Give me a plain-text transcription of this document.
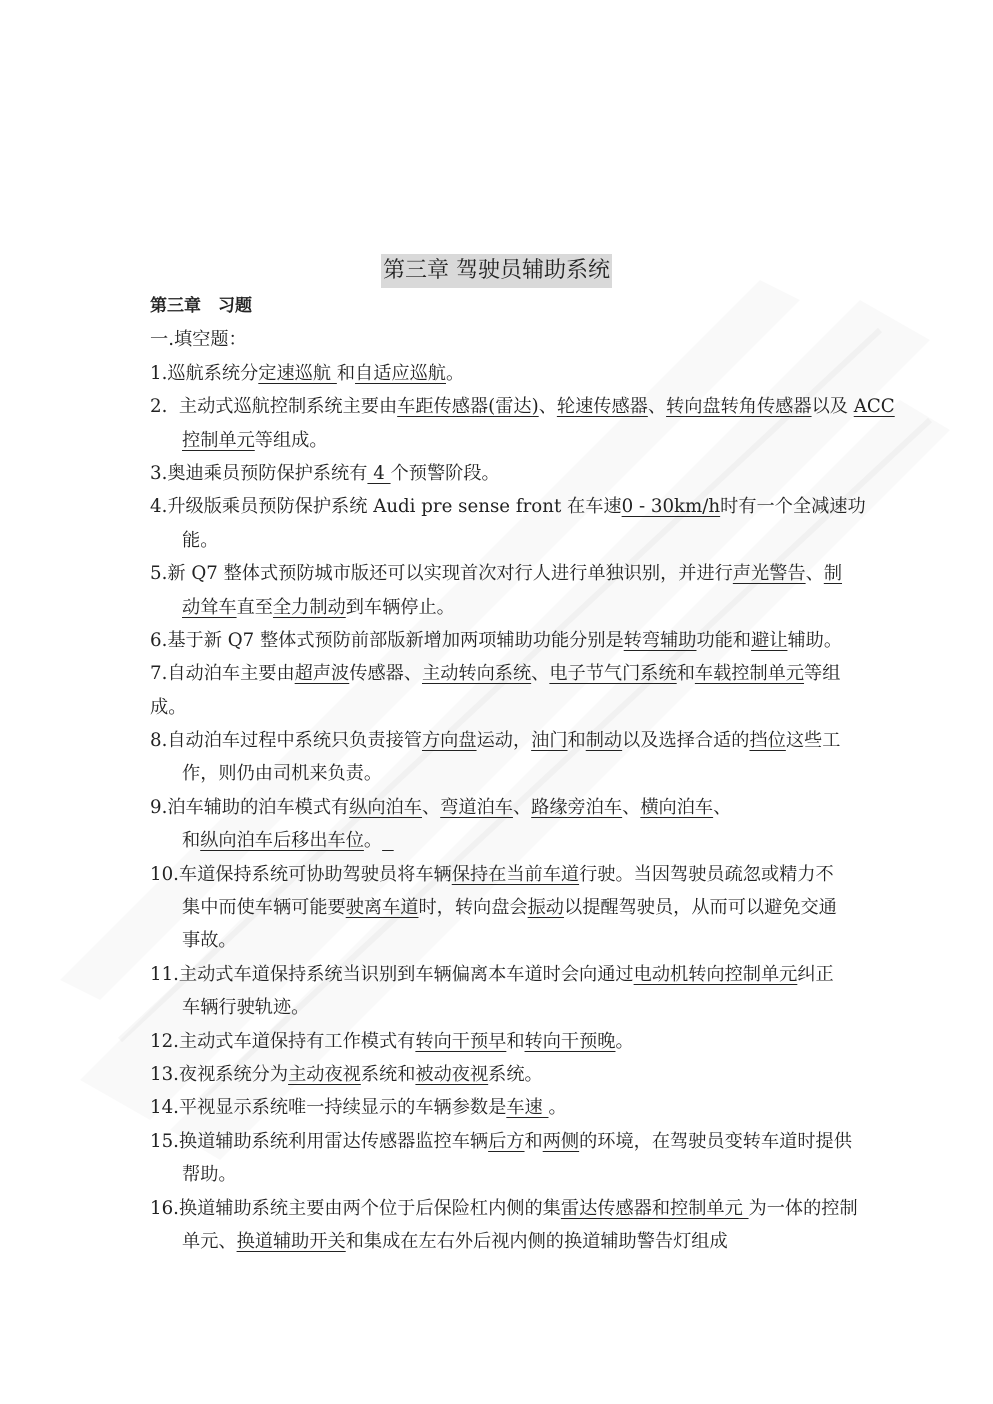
第三章 驾驶员辅助系统
第三章　习题
一.填空题：
1.巡航系统分定速巡航 和自适应巡航。
2.  主动式巡航控制系统主要由车距传感器(雷达)、轮速传感器、转向盘转角传感器以及 ACC
控制单元等组成。
3.奥迪乘员预防保护系统有 4 个预警阶段。
4.升级版乘员预防保护系统 Audi pre sense front 在车速0 - 30km/h时有一个全减速功
能。
5.新 Q7 整体式预防城市版还可以实现首次对行人进行单独识别，并进行声光警告、制
动耸车直至全力制动到车辆停止。
6.基于新 Q7 整体式预防前部版新增加两项辅助功能分别是转弯辅助功能和避让辅助。
7.自动泊车主要由超声波传感器、主动转向系统、电子节气门系统和车载控制单元等组
成。
8.自动泊车过程中系统只负责接管方向盘运动，油门和制动以及选择合适的挡位这些工
作，则仍由司机来负责。
9.泊车辅助的泊车模式有纵向泊车、弯道泊车、路缘旁泊车、横向泊车、
和纵向泊车后移出车位。
10.车道保持系统可协助驾驶员将车辆保持在当前车道行驶。当因驾驶员疏忽或精力不
集中而使车辆可能要驶离车道时，转向盘会振动以提醒驾驶员，从而可以避免交通
事故。
11.主动式车道保持系统当识别到车辆偏离本车道时会向通过电动机转向控制单元纠正
车辆行驶轨迹。
12.主动式车道保持有工作模式有转向干预早和转向干预晚。
13.夜视系统分为主动夜视系统和被动夜视系统。
14.平视显示系统唯一持续显示的车辆参数是车速 。
15.换道辅助系统利用雷达传感器监控车辆后方和两侧的环境，在驾驶员变转车道时提供
帮助。
16.换道辅助系统主要由两个位于后保险杠内侧的集雷达传感器和控制单元 为一体的控制
单元、换道辅助开关和集成在左右外后视内侧的换道辅助警告灯组成
